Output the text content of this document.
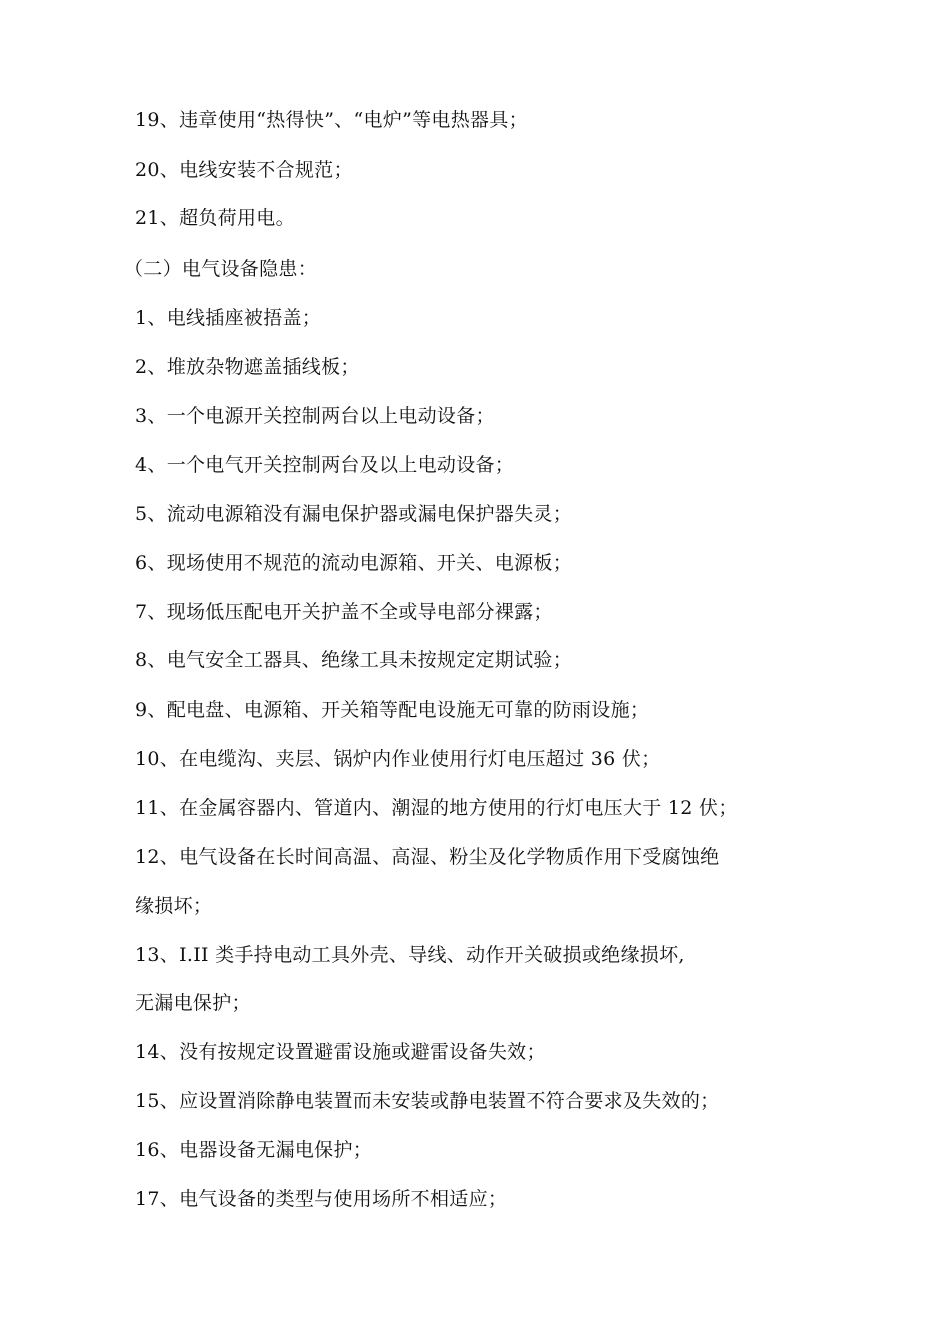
19、违章使用“热得快”、“电炉”等电热器具；
20、电线安装不合规范；
21、超负荷用电。
（二）电气设备隐患：
1、电线插座被捂盖；
2、堆放杂物遮盖插线板；
3、一个电源开关控制两台以上电动设备；
4、一个电气开关控制两台及以上电动设备；
5、流动电源箱没有漏电保护器或漏电保护器失灵；
6、现场使用不规范的流动电源箱、开关、电源板；
7、现场低压配电开关护盖不全或导电部分裸露；
8、电气安全工器具、绝缘工具未按规定定期试验；
9、配电盘、电源箱、开关箱等配电设施无可靠的防雨设施；
10、在电缆沟、夹层、锅炉内作业使用行灯电压超过 36 伏；
11、在金属容器内、管道内、潮湿的地方使用的行灯电压大于 12 伏；
12、电气设备在长时间高温、高湿、粉尘及化学物质作用下受腐蚀绝
缘损坏；
13、I.II 类手持电动工具外壳、导线、动作开关破损或绝缘损坏,
无漏电保护；
14、没有按规定设置避雷设施或避雷设备失效；
15、应设置消除静电装置而未安装或静电装置不符合要求及失效的；
16、电器设备无漏电保护；
17、电气设备的类型与使用场所不相适应；
